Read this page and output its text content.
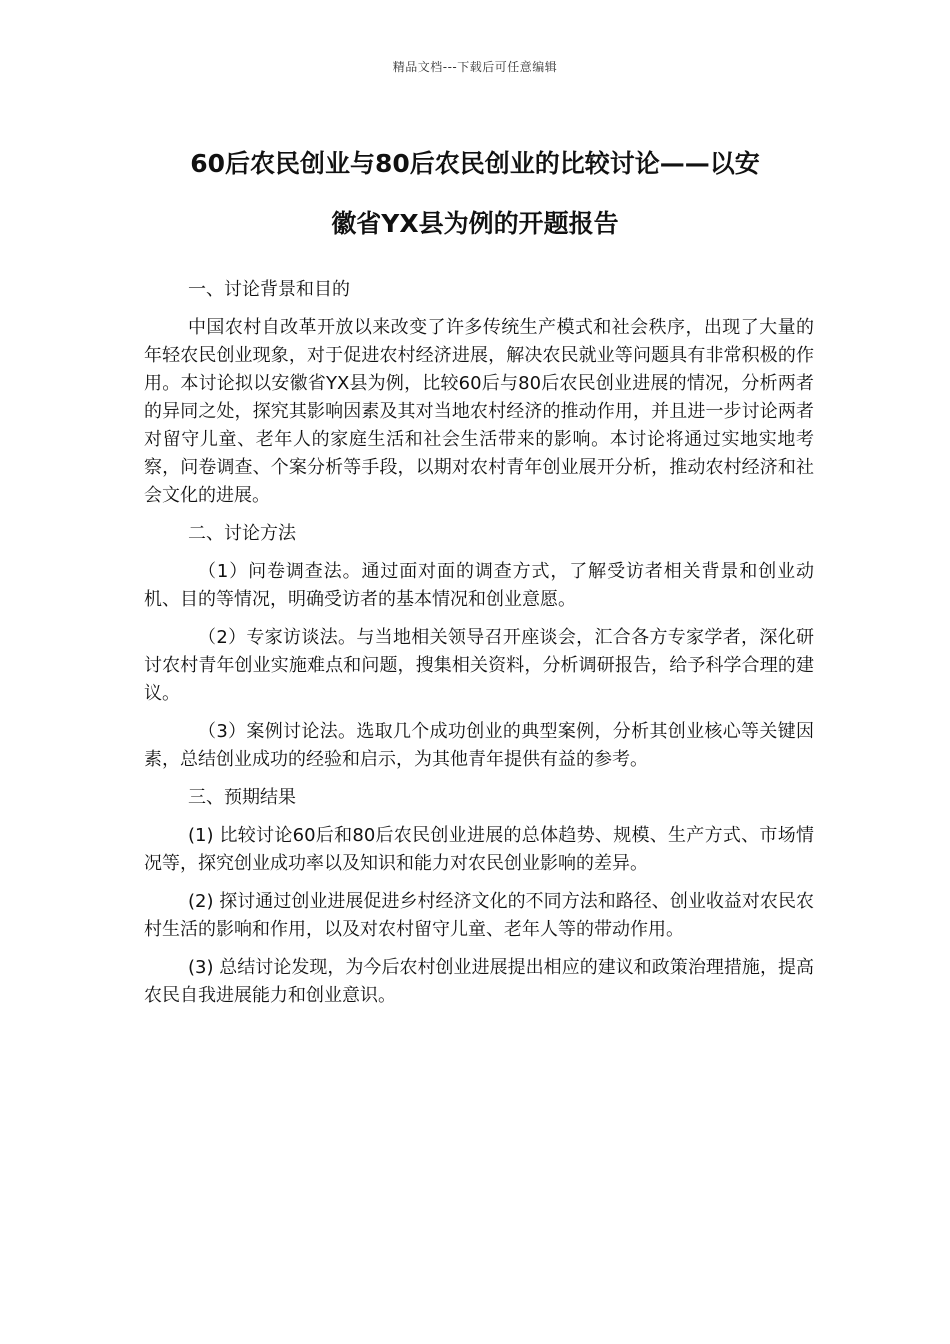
精品文档---下载后可任意编辑
60后农民创业与80后农民创业的比较讨论——以安
徽省YX县为例的开题报告

一、讨论背景和目的

中国农村自改革开放以来改变了许多传统生产模式和社会秩序，出现了大量的年轻农民创业现象，对于促进农村经济进展，解决农民就业等问题具有非常积极的作用。本讨论拟以安徽省YX县为例，比较60后与80后农民创业进展的情况，分析两者的异同之处，探究其影响因素及其对当地农村经济的推动作用，并且进一步讨论两者对留守儿童、老年人的家庭生活和社会生活带来的影响。本讨论将通过实地实地考察，问卷调查、个案分析等手段，以期对农村青年创业展开分析，推动农村经济和社会文化的进展。

二、讨论方法

（1）问卷调查法。通过面对面的调查方式，了解受访者相关背景和创业动机、目的等情况，明确受访者的基本情况和创业意愿。

（2）专家访谈法。与当地相关领导召开座谈会，汇合各方专家学者，深化研讨农村青年创业实施难点和问题，搜集相关资料，分析调研报告，给予科学合理的建议。

（3）案例讨论法。选取几个成功创业的典型案例，分析其创业核心等关键因素，总结创业成功的经验和启示，为其他青年提供有益的参考。

三、预期结果

(1) 比较讨论60后和80后农民创业进展的总体趋势、规模、生产方式、市场情况等，探究创业成功率以及知识和能力对农民创业影响的差异。

(2) 探讨通过创业进展促进乡村经济文化的不同方法和路径、创业收益对农民农村生活的影响和作用，以及对农村留守儿童、老年人等的带动作用。

(3) 总结讨论发现，为今后农村创业进展提出相应的建议和政策治理措施，提高农民自我进展能力和创业意识。
